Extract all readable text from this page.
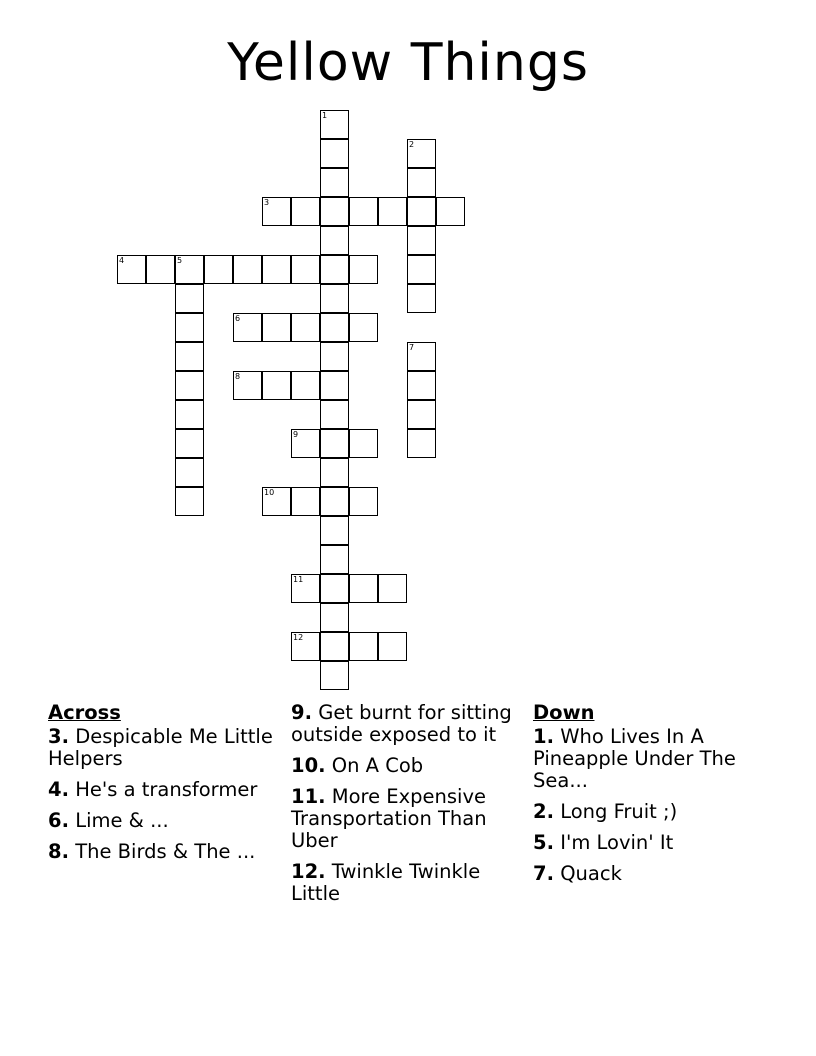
Yellow Things
1
2
3
4	5
6
7
8
9
10
11
12
Across
3. Despicable Me Little Helpers
4. He's a transformer
6. Lime & ...
8. The Birds & The ...
9. Get burnt for sitting outside exposed to it
10. On A Cob
11. More Expensive Transportation Than Uber
12. Twinkle Twinkle Little
Down
1. Who Lives In A Pineapple Under The Sea...
2. Long Fruit ;)
5. I'm Lovin' It
7. Quack
